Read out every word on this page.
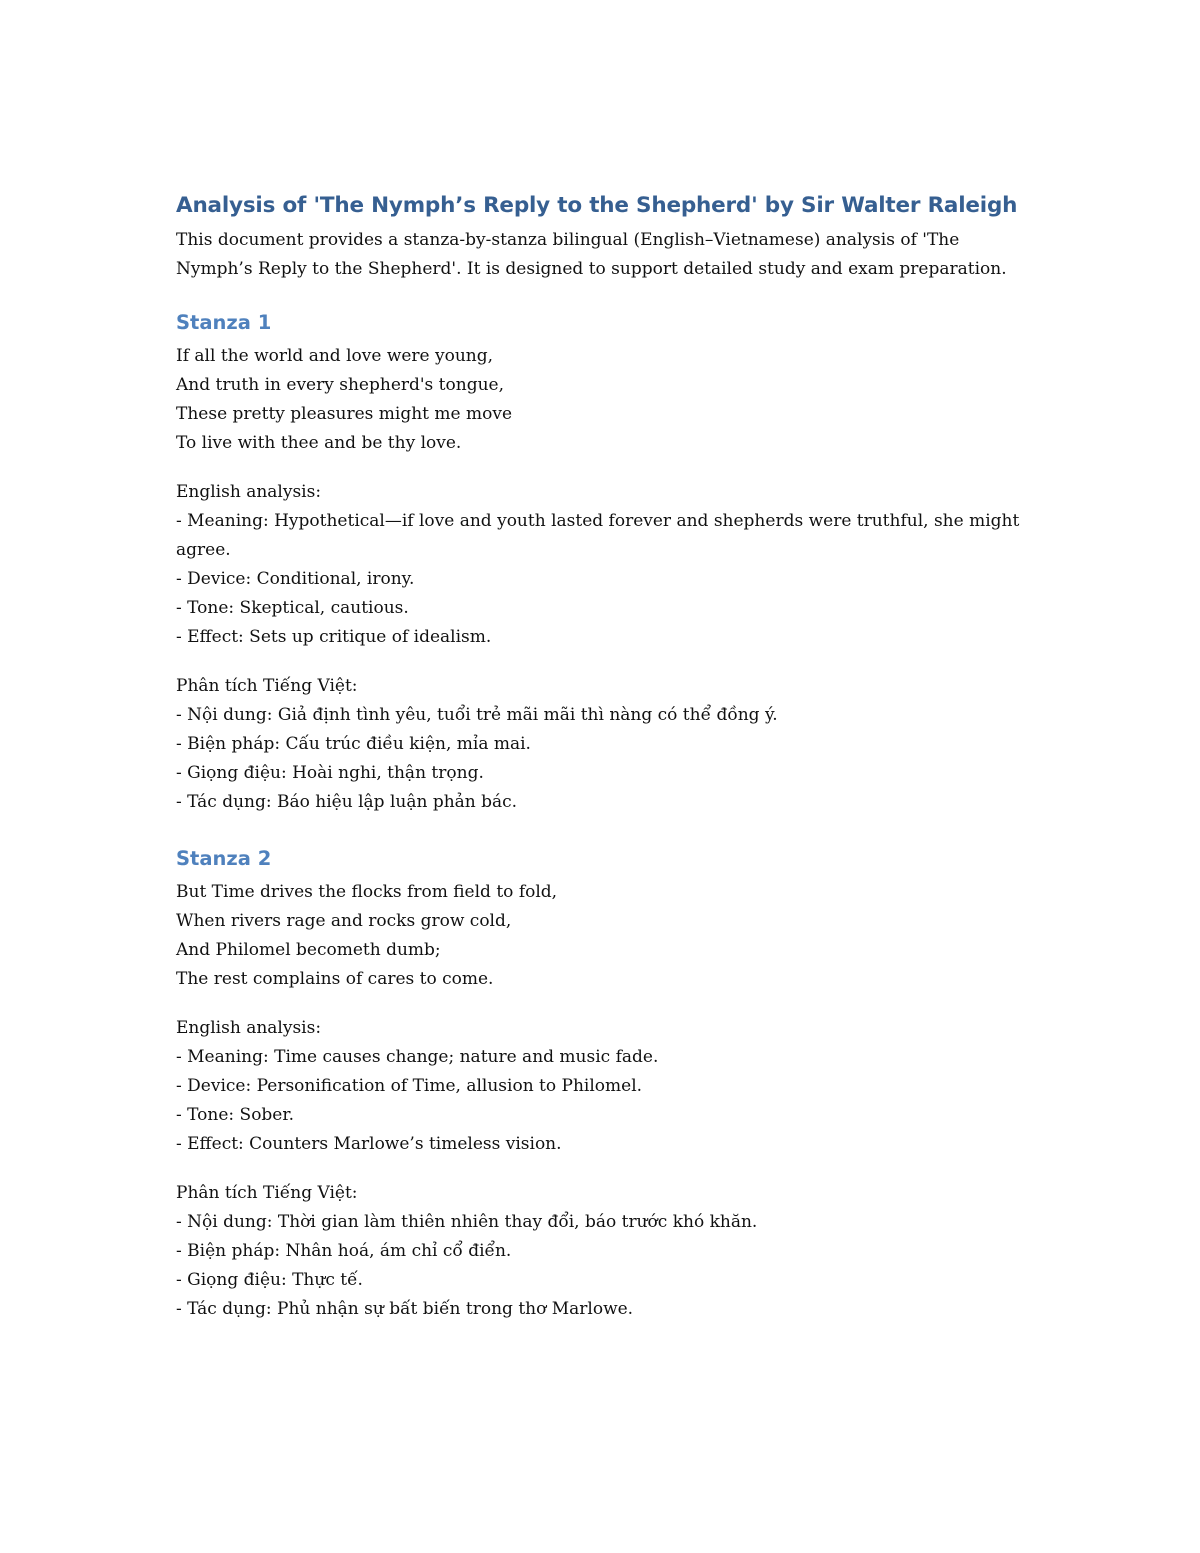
Analysis of 'The Nymph’s Reply to the Shepherd' by Sir Walter Raleigh

This document provides a stanza-by-stanza bilingual (English–Vietnamese) analysis of 'The Nymph’s Reply to the Shepherd'. It is designed to support detailed study and exam preparation.

Stanza 1
If all the world and love were young,
And truth in every shepherd's tongue,
These pretty pleasures might me move
To live with thee and be thy love.
English analysis:
- Meaning: Hypothetical—if love and youth lasted forever and shepherds were truthful, she might agree.
- Device: Conditional, irony.
- Tone: Skeptical, cautious.
- Effect: Sets up critique of idealism.
Phân tích Tiếng Việt:
- Nội dung: Giả định tình yêu, tuổi trẻ mãi mãi thì nàng có thể đồng ý.
- Biện pháp: Cấu trúc điều kiện, mỉa mai.
- Giọng điệu: Hoài nghi, thận trọng.
- Tác dụng: Báo hiệu lập luận phản bác.
Stanza 2
But Time drives the flocks from field to fold,
When rivers rage and rocks grow cold,
And Philomel becometh dumb;
The rest complains of cares to come.
English analysis:
- Meaning: Time causes change; nature and music fade.
- Device: Personification of Time, allusion to Philomel.
- Tone: Sober.
- Effect: Counters Marlowe’s timeless vision.
Phân tích Tiếng Việt:
- Nội dung: Thời gian làm thiên nhiên thay đổi, báo trước khó khăn.
- Biện pháp: Nhân hoá, ám chỉ cổ điển.
- Giọng điệu: Thực tế.
- Tác dụng: Phủ nhận sự bất biến trong thơ Marlowe.
